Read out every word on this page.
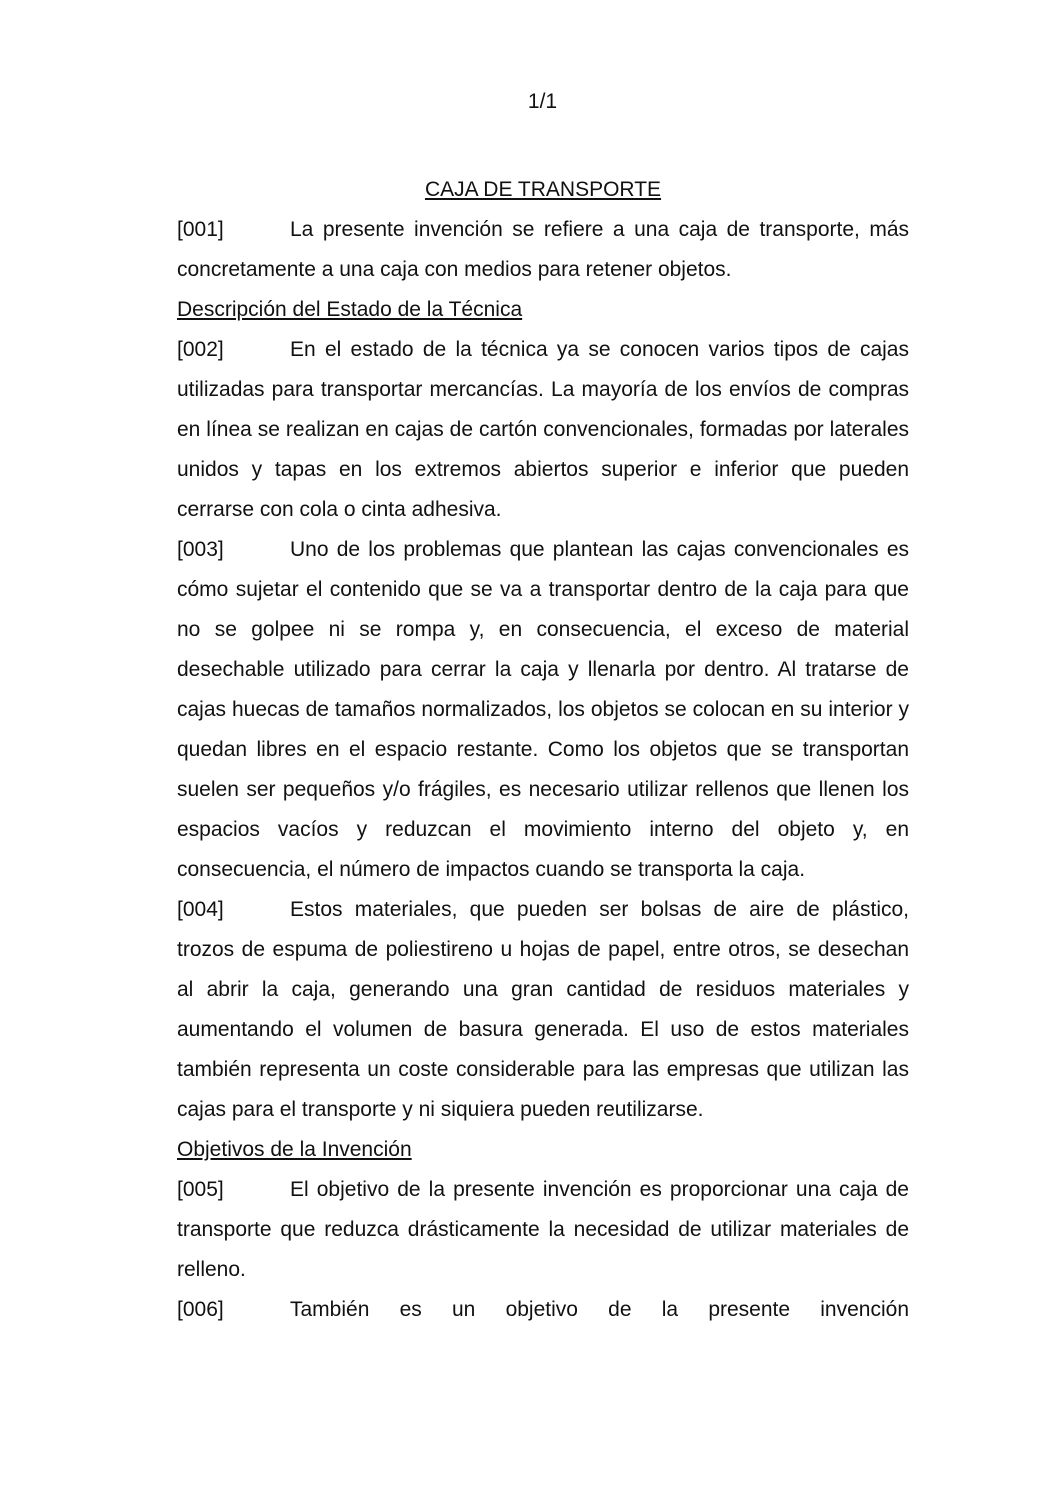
1/1

CAJA DE TRANSPORTE

[001]	La presente invención se refiere a una caja de transporte, más concretamente a una caja con medios para retener objetos.

Descripción del Estado de la Técnica

[002]	En el estado de la técnica ya se conocen varios tipos de cajas utilizadas para transportar mercancías. La mayoría de los envíos de compras en línea se realizan en cajas de cartón convencionales, formadas por laterales unidos y tapas en los extremos abiertos superior e inferior que pueden cerrarse con cola o cinta adhesiva.

[003]	Uno de los problemas que plantean las cajas convencionales es cómo sujetar el contenido que se va a transportar dentro de la caja para que no se golpee ni se rompa y, en consecuencia, el exceso de material desechable utilizado para cerrar la caja y llenarla por dentro. Al tratarse de cajas huecas de tamaños normalizados, los objetos se colocan en su interior y quedan libres en el espacio restante. Como los objetos que se transportan suelen ser pequeños y/o frágiles, es necesario utilizar rellenos que llenen los espacios vacíos y reduzcan el movimiento interno del objeto y, en consecuencia, el número de impactos cuando se transporta la caja.

[004]	Estos materiales, que pueden ser bolsas de aire de plástico, trozos de espuma de poliestireno u hojas de papel, entre otros, se desechan al abrir la caja, generando una gran cantidad de residuos materiales y aumentando el volumen de basura generada. El uso de estos materiales también representa un coste considerable para las empresas que utilizan las cajas para el transporte y ni siquiera pueden reutilizarse.

Objetivos de la Invención

[005]	El objetivo de la presente invención es proporcionar una caja de transporte que reduzca drásticamente la necesidad de utilizar materiales de relleno.

[006]	También es un objetivo de la presente invención
